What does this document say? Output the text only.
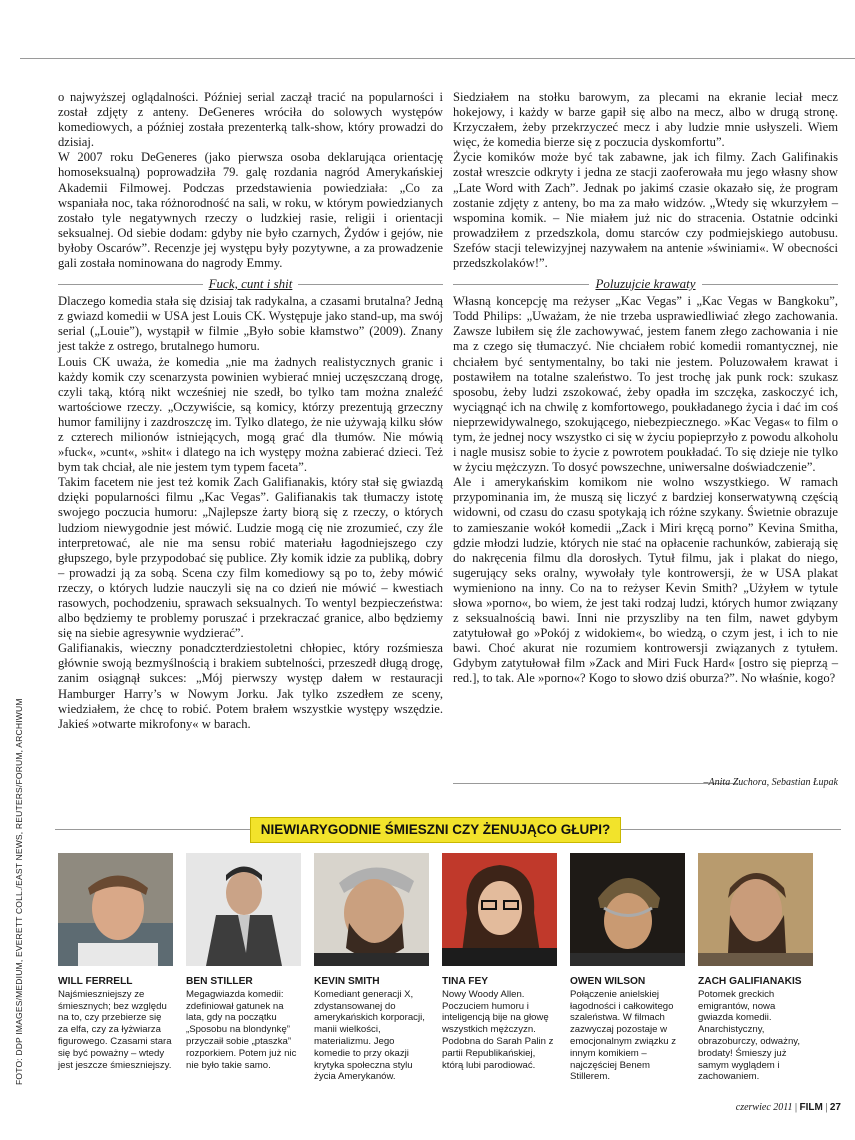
FOTO: DDP IMAGES/MEDIUM, EVERETT COLL./EAST NEWS, REUTERS/FORUM, ARCHIWUM

o najwyższej oglądalności. Później serial zaczął tracić na popularności i został zdjęty z anteny. DeGeneres wróciła do solowych występów komediowych, a później została prezenterką talk-show, który prowadzi do dzisiaj.

W 2007 roku DeGeneres (jako pierwsza osoba deklarująca orientację homoseksualną) poprowadziła 79. galę rozdania nagród Amerykańskiej Akademii Filmowej. Podczas przedstawienia powiedziała: „Co za wspaniała noc, taka różnorodność na sali, w roku, w którym powiedzianych zostało tyle negatywnych rzeczy o ludzkiej rasie, religii i orientacji seksualnej. Od siebie dodam: gdyby nie było czarnych, Żydów i gejów, nie byłoby Oscarów”. Recenzje jej występu były pozytywne, a za prowadzenie gali została nominowana do nagrody Emmy.

Fuck, cunt i shit

Dlaczego komedia stała się dzisiaj tak radykalna, a czasami brutalna? Jedną z gwiazd komedii w USA jest Louis CK. Występuje jako stand-up, ma swój serial („Louie”), wystąpił w filmie „Było sobie kłamstwo” (2009). Znany jest także z ostrego, brutalnego humoru.

Louis CK uważa, że komedia „nie ma żadnych realistycznych granic i każdy komik czy scenarzysta powinien wybierać mniej uczęszczaną drogę, czyli taką, którą nikt wcześniej nie szedł, bo tylko tam można znaleźć wartościowe rzeczy. „Oczywiście, są komicy, którzy prezentują grzeczny humor familijny i zazdroszczę im. Tylko dlatego, że nie używają kilku słów z czterech milionów istniejących, mogą grać dla tłumów. Nie mówią »fuck«, »cunt«, »shit« i dlatego na ich występy można zabierać dzieci. Też bym tak chciał, ale nie jestem tym typem faceta”.

Takim facetem nie jest też komik Zach Galifianakis, który stał się gwiazdą dzięki popularności filmu „Kac Vegas”. Galifianakis tak tłumaczy istotę swojego poczucia humoru: „Najlepsze żarty biorą się z rzeczy, o których ludziom niewygodnie jest mówić. Ludzie mogą cię nie zrozumieć, czy źle interpretować, ale nie ma sensu robić materiału łagodniejszego czy głupszego, byle przypodobać się publice. Zły komik idzie za publiką, dobry – prowadzi ją za sobą. Scena czy film komediowy są po to, żeby mówić rzeczy, o których ludzie nauczyli się na co dzień nie mówić – kwestiach rasowych, pochodzeniu, sprawach seksualnych. To wentyl bezpieczeństwa: albo będziemy te problemy poruszać i przekraczać granice, albo będziemy się na siebie agresywnie wydzierać”.

Galifianakis, wieczny ponadczterdziestoletni chłopiec, który rozśmiesza głównie swoją bezmyślnością i brakiem subtelności, przeszedł długą drogę, zanim osiągnął sukces: „Mój pierwszy występ dałem w restauracji Hamburger Harry’s w Nowym Jorku. Jak tylko zszedłem ze sceny, wiedziałem, że chcę to robić. Potem brałem wszystkie występy wszędzie. Jakieś »otwarte mikrofony« w barach.

Siedziałem na stołku barowym, za plecami na ekranie leciał mecz hokejowy, i każdy w barze gapił się albo na mecz, albo w drugą stronę. Krzyczałem, żeby przekrzyczeć mecz i aby ludzie mnie usłyszeli. Wiem więc, że komedia bierze się z poczucia dyskomfortu”.

Życie komików może być tak zabawne, jak ich filmy. Zach Galifinakis został wreszcie odkryty i jedna ze stacji zaoferowała mu jego własny show „Late Word with Zach”. Jednak po jakimś czasie okazało się, że program zostanie zdjęty z anteny, bo ma za mało widzów. „Wtedy się wkurzyłem – wspomina komik. – Nie miałem już nic do stracenia. Ostatnie odcinki prowadziłem z przedszkola, domu starców czy podmiejskiego autobusu. Szefów stacji telewizyjnej nazywałem na antenie »świniami«. W obecności przedszkolaków!”.

Poluzujcie krawaty

Własną koncepcję ma reżyser „Kac Vegas” i „Kac Vegas w Bangkoku”, Todd Philips: „Uważam, że nie trzeba usprawiedliwiać złego zachowania. Zawsze lubiłem się źle zachowywać, jestem fanem złego zachowania i nie ma z czego się tłumaczyć. Nie chciałem robić komedii romantycznej, nie chciałem być sentymentalny, bo taki nie jestem. Poluzowałem krawat i postawiłem na totalne szaleństwo. To jest trochę jak punk rock: szukasz sposobu, żeby ludzi zszokować, żeby opadła im szczęka, zaskoczyć ich, wyciągnąć ich na chwilę z komfortowego, poukładanego życia i dać im coś nieprzewidywalnego, szokującego, niebezpiecznego. »Kac Vegas« to film o tym, że jednej nocy wszystko ci się w życiu popieprzyło z powodu alkoholu i nagle musisz sobie to życie z powrotem poukładać. To się dzieje nie tylko w życiu mężczyzn. To dosyć powszechne, uniwersalne doświadczenie”.

Ale i amerykańskim komikom nie wolno wszystkiego. W ramach przypominania im, że muszą się liczyć z bardziej konserwatywną częścią widowni, od czasu do czasu spotykają ich różne szykany. Świetnie obrazuje to zamieszanie wokół komedii „Zack i Miri kręcą porno” Kevina Smitha, gdzie młodzi ludzie, których nie stać na opłacenie rachunków, zabierają się do nakręcenia filmu dla dorosłych. Tytuł filmu, jak i plakat do niego, sugerujący seks oralny, wywołały tyle kontrowersji, że w USA plakat wymieniono na inny. Co na to reżyser Kevin Smith? „Użyłem w tytule słowa »porno«, bo wiem, że jest taki rodzaj ludzi, których humor związany z seksualnością bawi. Inni nie przyszliby na ten film, nawet gdybym zatytułował go »Pokój z widokiem«, bo wiedzą, o czym jest, i ich to nie bawi. Choć akurat nie rozumiem kontrowersji związanych z tytułem. Gdybym zatytułował film »Zack and Miri Fuck Hard« [ostro się pieprzą – red.], to tak. Ale »porno«? Kogo to słowo dziś oburza?”. No właśnie, kogo?

–Anita Zuchora, Sebastian Łupak
NIEWIARYGODNIE ŚMIESZNI CZY ŻENUJĄCO GŁUPI?
WILL FERRELL
Najśmieszniejszy ze śmiesznych; bez względu na to, czy przebierze się za elfa, czy za łyżwiarza figurowego. Czasami stara się być poważny – wtedy jest jeszcze śmieszniejszy.
BEN STILLER
Megagwiazda komedii: zdefiniował gatunek na lata, gdy na początku „Sposobu na blondynkę” przyczaił sobie „ptaszka” rozporkiem. Potem już nic nie było takie samo.
KEVIN SMITH
Komediant generacji X, zdystansowanej do amerykańskich korporacji, manii wielkości, materializmu. Jego komedie to przy okazji krytyka społeczna stylu życia Amerykanów.
TINA FEY
Nowy Woody Allen. Poczuciem humoru i inteligencją bije na głowę wszystkich mężczyzn. Podobna do Sarah Palin z partii Republikańskiej, którą lubi parodiować.
OWEN WILSON
Połączenie anielskiej łagodności i całkowitego szaleństwa. W filmach zazwyczaj pozostaje w emocjonalnym związku z innym komikiem – najczęściej Benem Stillerem.
ZACH GALIFIANAKIS
Potomek greckich emigrantów, nowa gwiazda komedii. Anarchistyczny, obrazoburczy, odważny, brodaty! Śmieszy już samym wyglądem i zachowaniem.
czerwiec 2011 | FILM | 27
